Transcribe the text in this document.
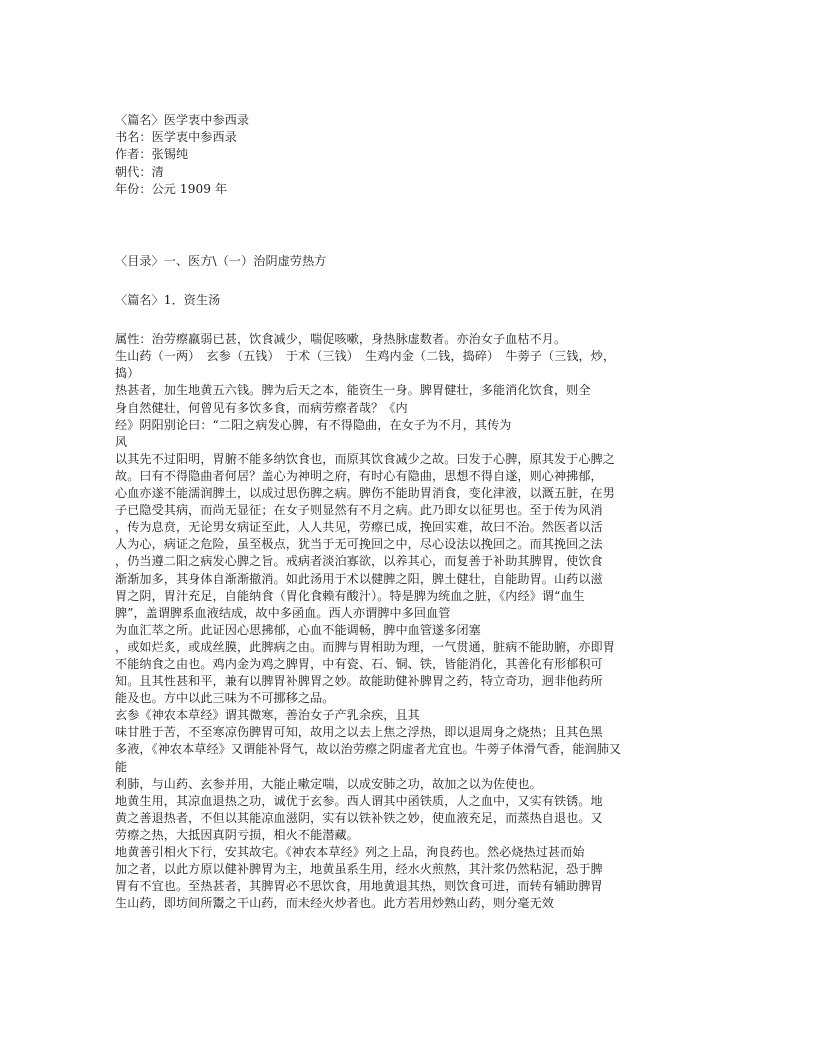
〈篇名〉医学衷中参西录
书名：医学衷中参西录
作者：张锡纯
朝代：清
年份：公元 1909 年
〈目录〉一、医方\（一）治阴虚劳热方
〈篇名〉1．资生汤
属性：治劳瘵羸弱已甚，饮食减少，喘促咳嗽，身热脉虚数者。亦治女子血枯不月。
生山药（一两）　玄参（五钱）　于术（三钱）　生鸡内金（二钱，捣碎）　牛蒡子（三钱，炒，
捣）
热甚者，加生地黄五六钱。脾为后天之本，能资生一身。脾胃健壮，多能消化饮食，则全
身自然健壮，何曾见有多饮多食，而病劳瘵者哉？《内
经》阴阳别论曰：“二阳之病发心脾，有不得隐曲，在女子为不月，其传为
风
以其先不过阳明，胃腑不能多纳饮食也，而原其饮食减少之故。曰发于心脾，原其发于心脾之
故。曰有不得隐曲者何居？盖心为神明之府，有时心有隐曲，思想不得自遂，则心神拂郁，
心血亦遂不能濡润脾土，以成过思伤脾之病。脾伤不能助胃消食，变化津液，以溉五脏，在男
子已隐受其病，而尚无显征；在女子则显然有不月之病。此乃即女以征男也。至于传为风消
，传为息贲，无论男女病证至此，人人共见，劳瘵已成，挽回实难，故曰不治。然医者以活
人为心，病证之危险，虽至极点，犹当于无可挽回之中，尽心设法以挽回之。而其挽回之法
，仍当遵二阳之病发心脾之旨。戒病者淡泊寡欲，以养其心，而复善于补助其脾胃，使饮食
渐渐加多，其身体自渐渐撤消。如此汤用于术以健脾之阳，脾土健壮，自能助胃。山药以滋
胃之阴，胃汁充足，自能纳食（胃化食赖有酸汁）。特是脾为统血之脏，《内经》谓“血生
脾”，盖谓脾系血液结成，故中多函血。西人亦谓脾中多回血管
为血汇萃之所。此证因心思拂郁，心血不能调畅，脾中血管遂多闭塞
，或如烂炙，或成丝膜，此脾病之由。而脾与胃相助为理，一气贯通，脏病不能助腑，亦即胃
不能纳食之由也。鸡内金为鸡之脾胃，中有瓷、石、铜、铁，皆能消化，其善化有形郁积可
知。且其性甚和平，兼有以脾胃补脾胃之妙。故能助健补脾胃之药，特立奇功，迥非他药所
能及也。方中以此三味为不可挪移之品。
玄参《神农本草经》谓其微寒，善治女子产乳余疾，且其
味甘胜于苦，不至寒凉伤脾胃可知，故用之以去上焦之浮热，即以退周身之烧热；且其色黑
多液，《神农本草经》又谓能补肾气，故以治劳瘵之阴虚者尤宜也。牛蒡子体滑气香，能润肺又
能
利肺，与山药、玄参并用，大能止嗽定喘，以成安肺之功，故加之以为佐使也。
地黄生用，其凉血退热之功，诚优于玄参。西人谓其中函铁质，人之血中，又实有铁锈。地
黄之善退热者，不但以其能凉血滋阴，实有以铁补铁之妙，使血液充足，而蒸热自退也。又
劳瘵之热，大抵因真阴亏损，相火不能潜藏。
地黄善引相火下行，安其故宅。《神农本草经》列之上品，洵良药也。然必烧热过甚而始
加之者，以此方原以健补脾胃为主，地黄虽系生用，经水火煎熬，其汁浆仍然粘泥，恐于脾
胃有不宜也。至热甚者，其脾胃必不思饮食，用地黄退其热，则饮食可进，而转有辅助脾胃
生山药，即坊间所鬻之干山药，而未经火炒者也。此方若用炒熟山药，则分毫无效
